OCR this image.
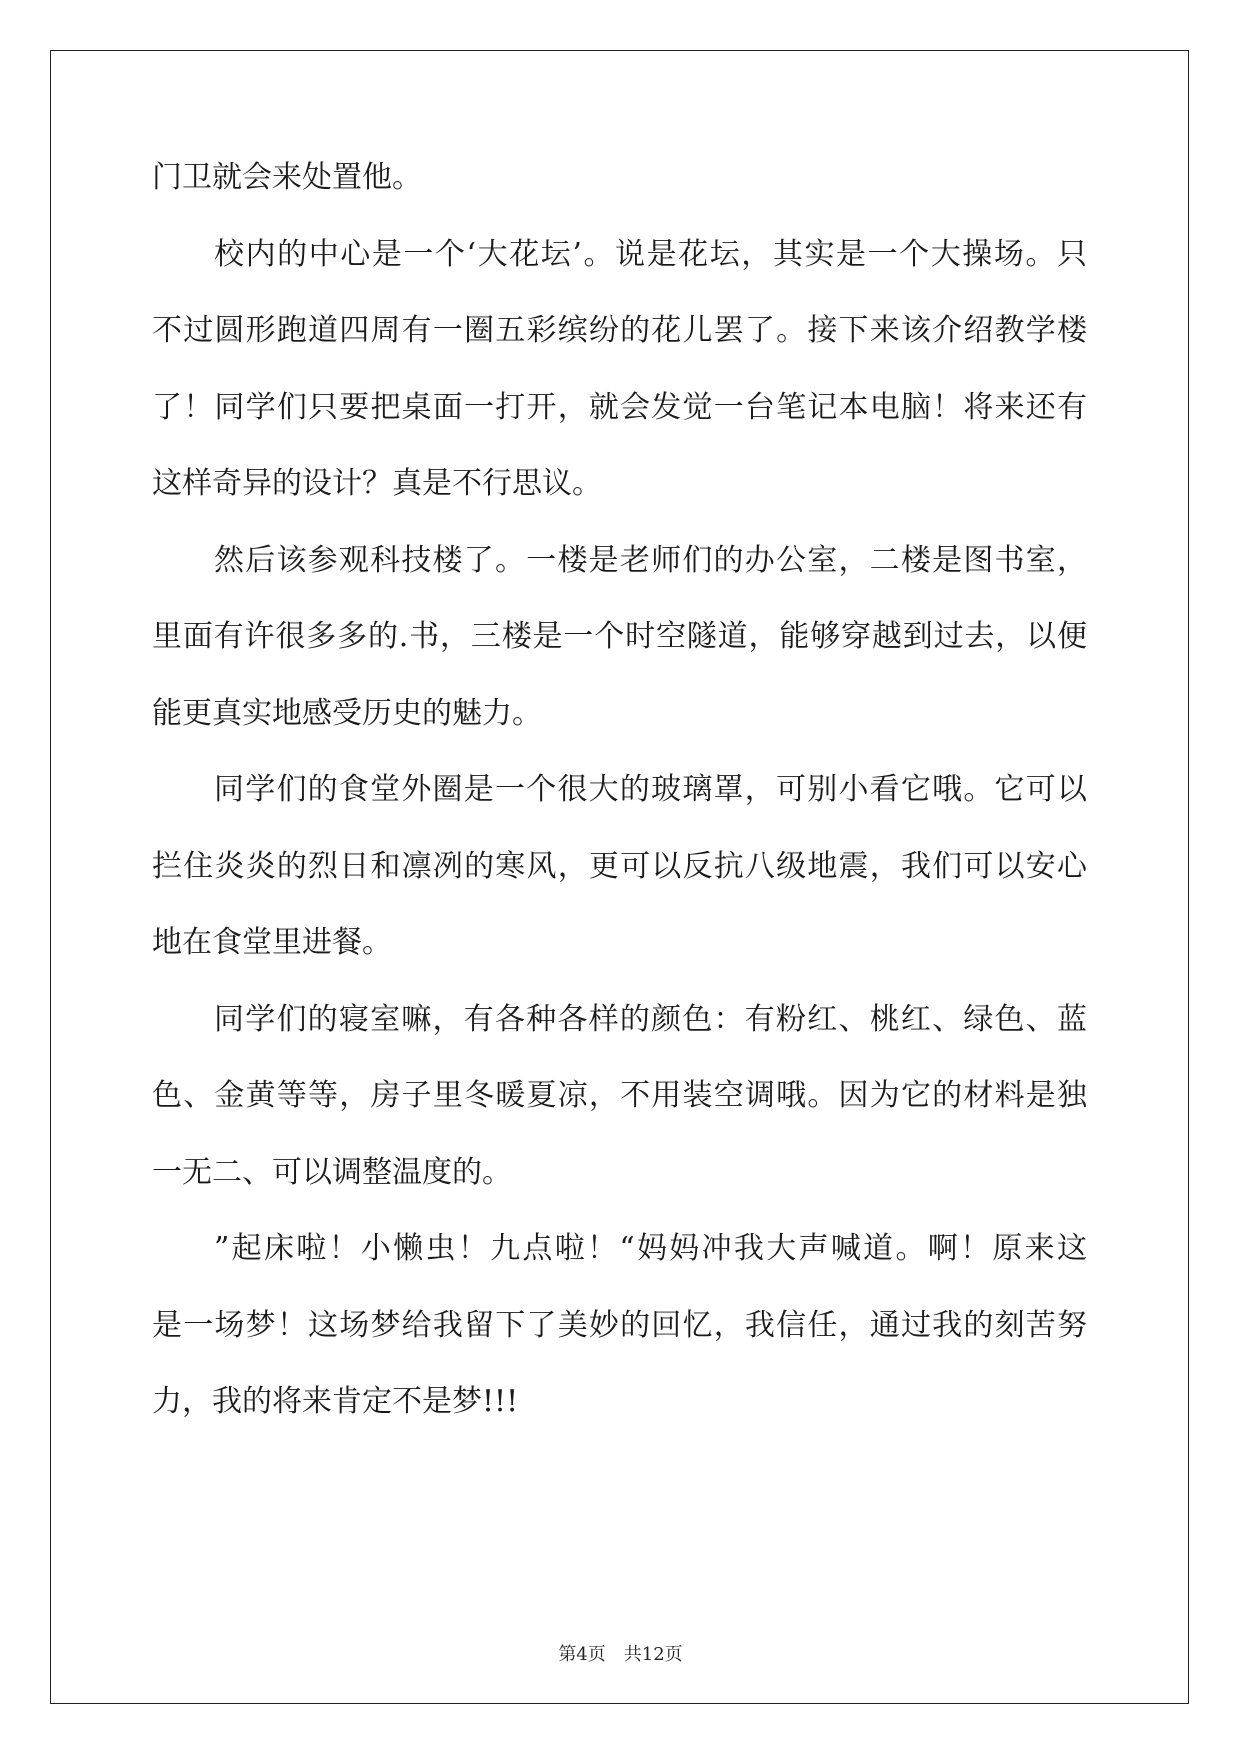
门卫就会来处置他。
校内的中心是一个‘大花坛’。说是花坛，其实是一个大操场。只
不过圆形跑道四周有一圈五彩缤纷的花儿罢了。接下来该介绍教学楼
了！同学们只要把桌面一打开，就会发觉一台笔记本电脑！将来还有
这样奇异的设计？真是不行思议。
然后该参观科技楼了。一楼是老师们的办公室，二楼是图书室，
里面有许很多多的.书，三楼是一个时空隧道，能够穿越到过去，以便
能更真实地感受历史的魅力。
同学们的食堂外圈是一个很大的玻璃罩，可别小看它哦。它可以
拦住炎炎的烈日和凛冽的寒风，更可以反抗八级地震，我们可以安心
地在食堂里进餐。
同学们的寝室嘛，有各种各样的颜色：有粉红、桃红、绿色、蓝
色、金黄等等，房子里冬暖夏凉，不用装空调哦。因为它的材料是独
一无二、可以调整温度的。
”起床啦！小懒虫！九点啦！“妈妈冲我大声喊道。啊！原来这
是一场梦！这场梦给我留下了美妙的回忆，我信任，通过我的刻苦努
力，我的将来肯定不是梦!!!
第4页　共12页
